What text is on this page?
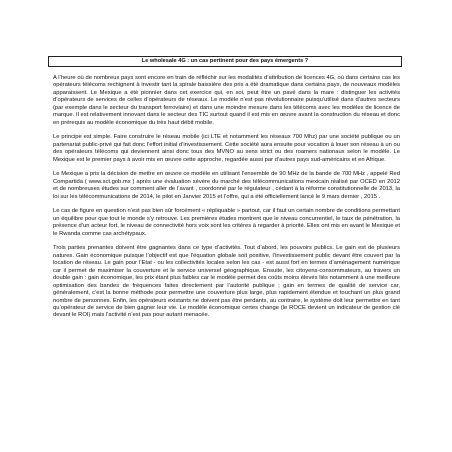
Le wholesale 4G : un cas pertinent pour des pays émergents ?

A l’heure où de nombreux pays sont encore en train de réfléchir sur les modalités d’attribution de licences 4G, où dans certains cas les opérateurs télécoms rechignent à investir tant la spirale baissière des prix a été dramatique dans certains pays, de nouveaux modèles apparaissent. Le Mexique a été pionnier dans cet exercice qui, en soi, peut être un pavé dans la mare : distinguer les activités d’opérateurs de services de celles d’opérateurs de réseaux. Le modèle n’est pas révolutionnaire puisqu’utilisé dans d’autres secteurs (par exemple dans le secteur du transport ferroviaire) et dans une moindre mesure dans les télécoms avec les modèles de licence de marque. Il est relativement innovant dans le secteur des TIC surtout quand il est mis en œuvre avant la construction du réseau et donc en prérequis au modèle économique du très haut débit mobile.

Le principe est simple. Faire construire le réseau mobile (ici LTE et notamment les réseaux 700 Mhz) par une société publique ou un partenariat public-privé qui fait donc l’effort initial d’investissement. Cette société aura ensuite pour vocation à louer son réseau à un ou des opérateurs télécoms qui deviennent ainsi donc tous des MVNO au sens strict ou des roamers nationaux selon le modèle. Le Mexique est le premier pays à avoir mis en œuvre cette approche, regardée aussi par d’autres pays sud-américains et en Afrique.

Le Mexique a pris la décision de mettre en œuvre ce modèle en utilisant l’ensemble de 90 MHz de la bande de 700 MHz , appelé Red Compartida ( www.sct.gob.mx ) après une évaluation sévère du marché des télécommunications mexicain réalisé par OCED en 2012 et de nombreuses études sur comment aller de l’avant , coordonné par le régulateur , cédant à la réforme constitutionnelle de 2013, la loi sur les télécommunications de 2014, le pilot en Janvier 2015 et l’offre, qui a été officiellement lancé le 9 mars dernier , 2015 .

Le cas de figure en question n’est pas bien sûr forcément « répliquable » partout, car il faut un certain nombre de conditions permettant un équilibre pour que tout le monde s’y retrouve. Les premières études montrent que le niveau concurrentiel, le taux de pénétration, la présence d’un acteur fort, le niveau de connectivité hors voix sont les critères à regarder à priorité. Elles ont mis en avant le Mexique et le Rwanda comme cas archétypaux.

Trois parties prenantes doivent être gagnantes dans ce type d’activités. Tout d’abord, les pouvoirs publics. Le gain est de plusieurs natures. Gain économique puisque l’objectif est que l’équation globale soit positive, l’investissement public devant être couvert par la location de réseau. Le gain pour l’Etat - ou les collectivités locales selon les cas - est aussi fort en termes d’aménagement numérique car il permet de maximiser la couverture et le service universel géographique. Ensuite, les citoyens-consommateurs, au travers un double gain : gain économique, les prix étant plus faibles car le modèle permet des coûts moins élevés liés notamment à une meilleure optimisation des bandes de fréquences faites directement par l’autorité publique ; gain en termes de qualité de service car, généralement, c’est la bonne méthode pour permettre une couverture plus large, plus rapidement étendue et touchant un plus grand nombre de personnes. Enfin, les opérateurs existants ne doivent pas être perdants, au contraire, le système doit leur permettre en tant qu’opérateur de service de bien gagner leur vie. Le modèle économique certes change (le ROCE devient un indicateur de gestion clé devant le ROI) mais l’activité n’est pas pour autant menacée.
